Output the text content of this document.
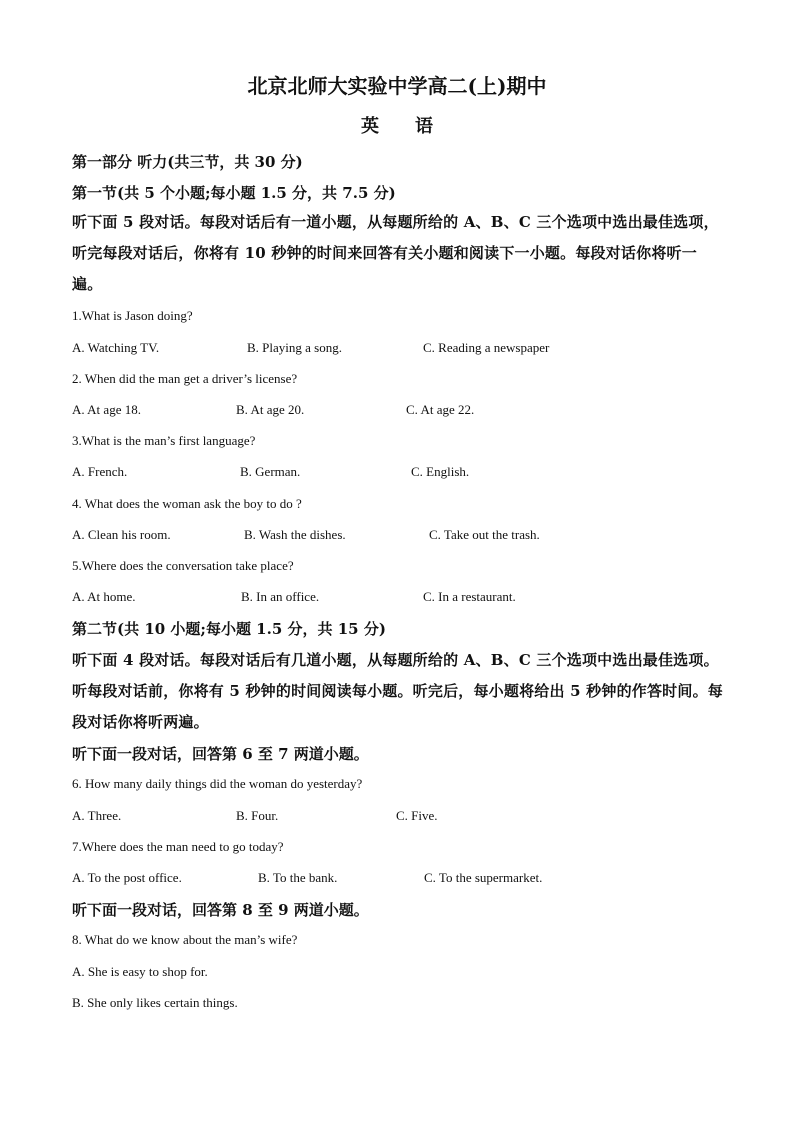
北京北师大实验中学高二(上)期中
英　　语
第一部分 听力(共三节，共 30 分)
第一节(共 5 个小题;每小题 1.5 分，共 7.5 分)
听下面 5 段对话。每段对话后有一道小题，从每题所给的 A、B、C 三个选项中选出最佳选项，听完每段对话后，你将有 10 秒钟的时间来回答有关小题和阅读下一小题。每段对话你将听一遍。
1.What is Jason doing?
A. Watching TV.	B. Playing a song.	C. Reading a newspaper
2. When did the man get a driver’s license?
A. At age 18.	B. At age 20.	C. At age 22.
3.What is the man’s first language?
A. French.	B. German.	C. English.
4. What does the woman ask the boy to do ?
A. Clean his room.	B. Wash the dishes.	C. Take out the trash.
5.Where does the conversation take place?
A. At home.	B. In an office.	C. In a restaurant.
第二节(共 10 小题;每小题 1.5 分，共 15 分)
听下面 4 段对话。每段对话后有几道小题，从每题所给的 A、B、C 三个选项中选出最佳选项。听每段对话前，你将有 5 秒钟的时间阅读每小题。听完后，每小题将给出 5 秒钟的作答时间。每段对话你将听两遍。
听下面一段对话，回答第 6 至 7 两道小题。
6. How many daily things did the woman do yesterday?
A. Three.	B. Four.	C. Five.
7.Where does the man need to go today?
A. To the post office.	B. To the bank.	C. To the supermarket.
听下面一段对话，回答第 8 至 9 两道小题。
8. What do we know about the man’s wife?
A. She is easy to shop for.
B. She only likes certain things.
